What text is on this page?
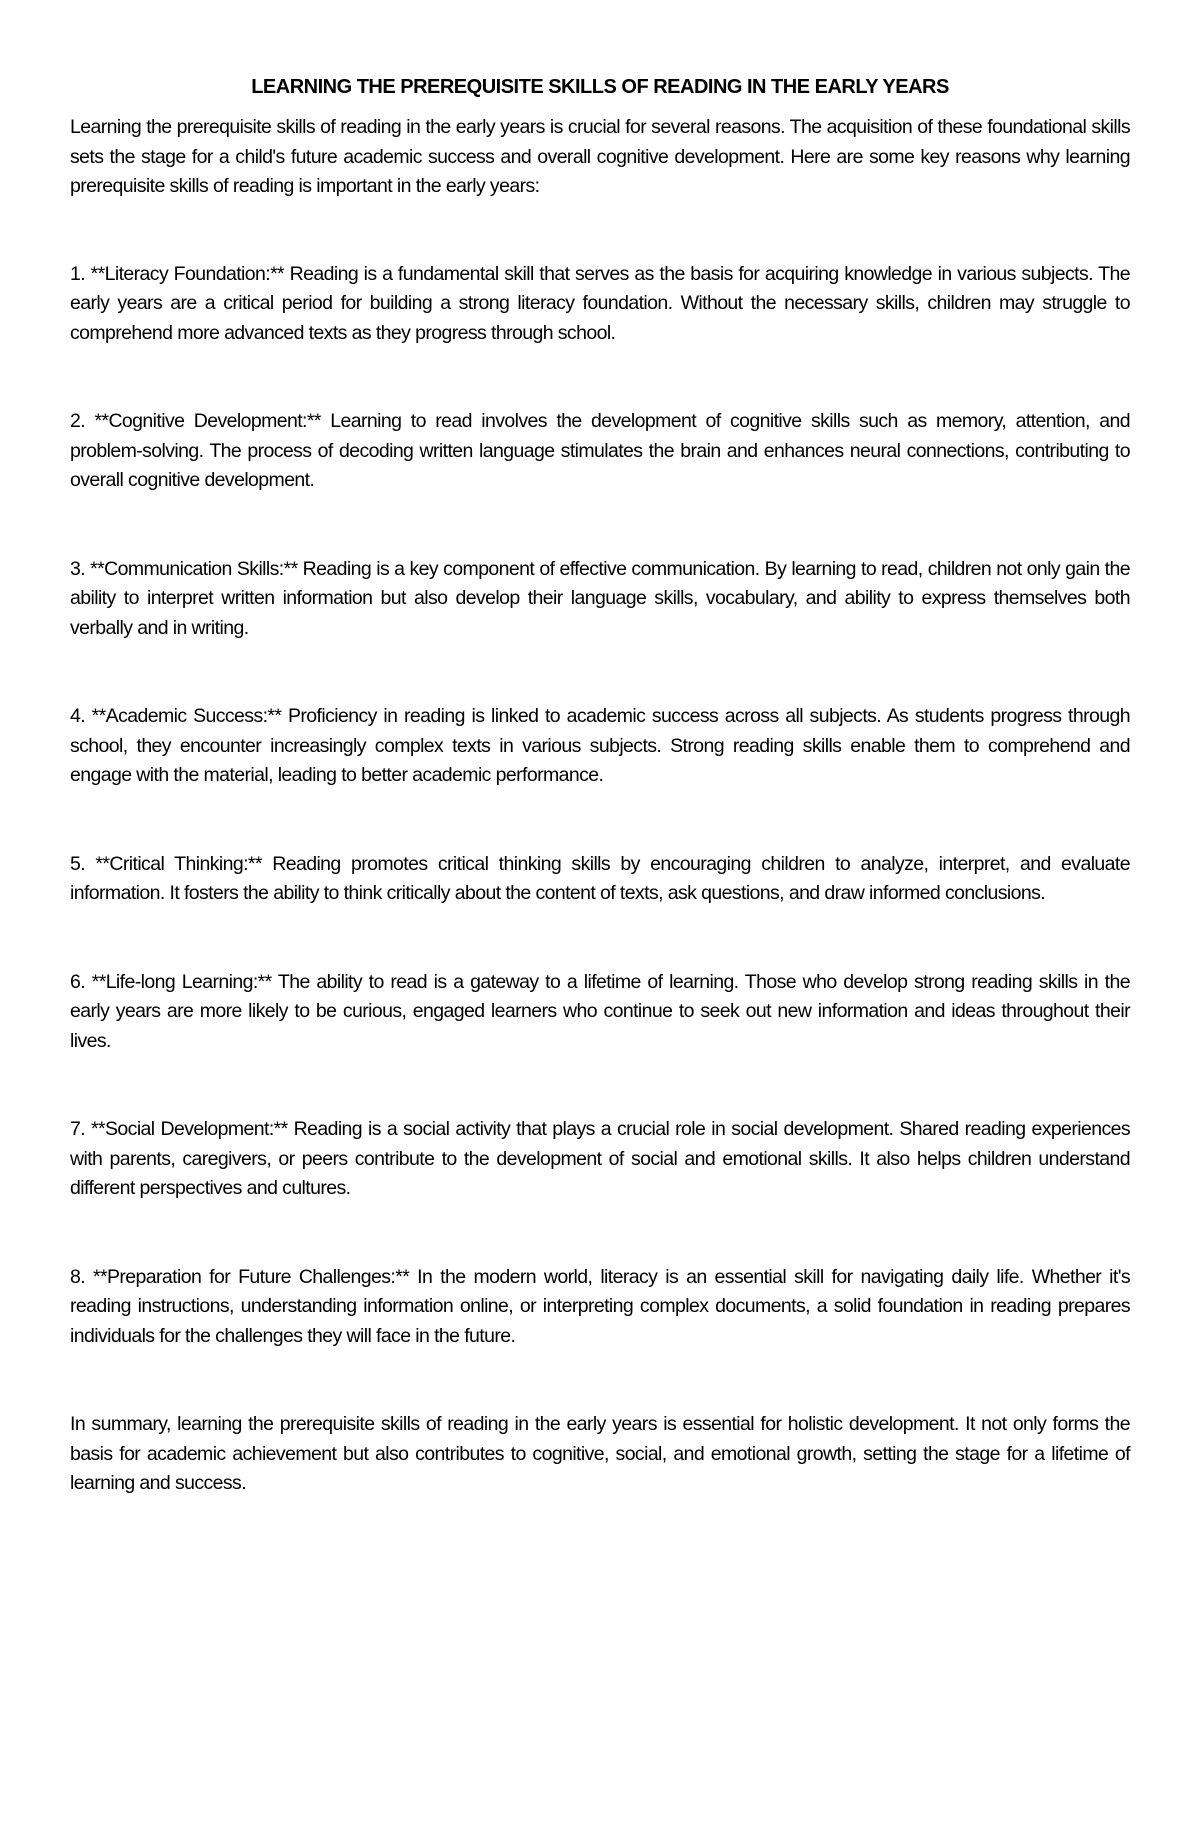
LEARNING THE PREREQUISITE SKILLS OF READING IN THE EARLY YEARS

Learning the prerequisite skills of reading in the early years is crucial for several reasons. The acquisition of these foundational skills sets the stage for a child's future academic success and overall cognitive development. Here are some key reasons why learning prerequisite skills of reading is important in the early years:

1. **Literacy Foundation:** Reading is a fundamental skill that serves as the basis for acquiring knowledge in various subjects. The early years are a critical period for building a strong literacy foundation. Without the necessary skills, children may struggle to comprehend more advanced texts as they progress through school.

2. **Cognitive Development:** Learning to read involves the development of cognitive skills such as memory, attention, and problem-solving. The process of decoding written language stimulates the brain and enhances neural connections, contributing to overall cognitive development.

3. **Communication Skills:** Reading is a key component of effective communication. By learning to read, children not only gain the ability to interpret written information but also develop their language skills, vocabulary, and ability to express themselves both verbally and in writing.

4. **Academic Success:** Proficiency in reading is linked to academic success across all subjects. As students progress through school, they encounter increasingly complex texts in various subjects. Strong reading skills enable them to comprehend and engage with the material, leading to better academic performance.

5. **Critical Thinking:** Reading promotes critical thinking skills by encouraging children to analyze, interpret, and evaluate information. It fosters the ability to think critically about the content of texts, ask questions, and draw informed conclusions.

6. **Life-long Learning:** The ability to read is a gateway to a lifetime of learning. Those who develop strong reading skills in the early years are more likely to be curious, engaged learners who continue to seek out new information and ideas throughout their lives.

7. **Social Development:** Reading is a social activity that plays a crucial role in social development. Shared reading experiences with parents, caregivers, or peers contribute to the development of social and emotional skills. It also helps children understand different perspectives and cultures.

8. **Preparation for Future Challenges:** In the modern world, literacy is an essential skill for navigating daily life. Whether it's reading instructions, understanding information online, or interpreting complex documents, a solid foundation in reading prepares individuals for the challenges they will face in the future.

In summary, learning the prerequisite skills of reading in the early years is essential for holistic development. It not only forms the basis for academic achievement but also contributes to cognitive, social, and emotional growth, setting the stage for a lifetime of learning and success.
